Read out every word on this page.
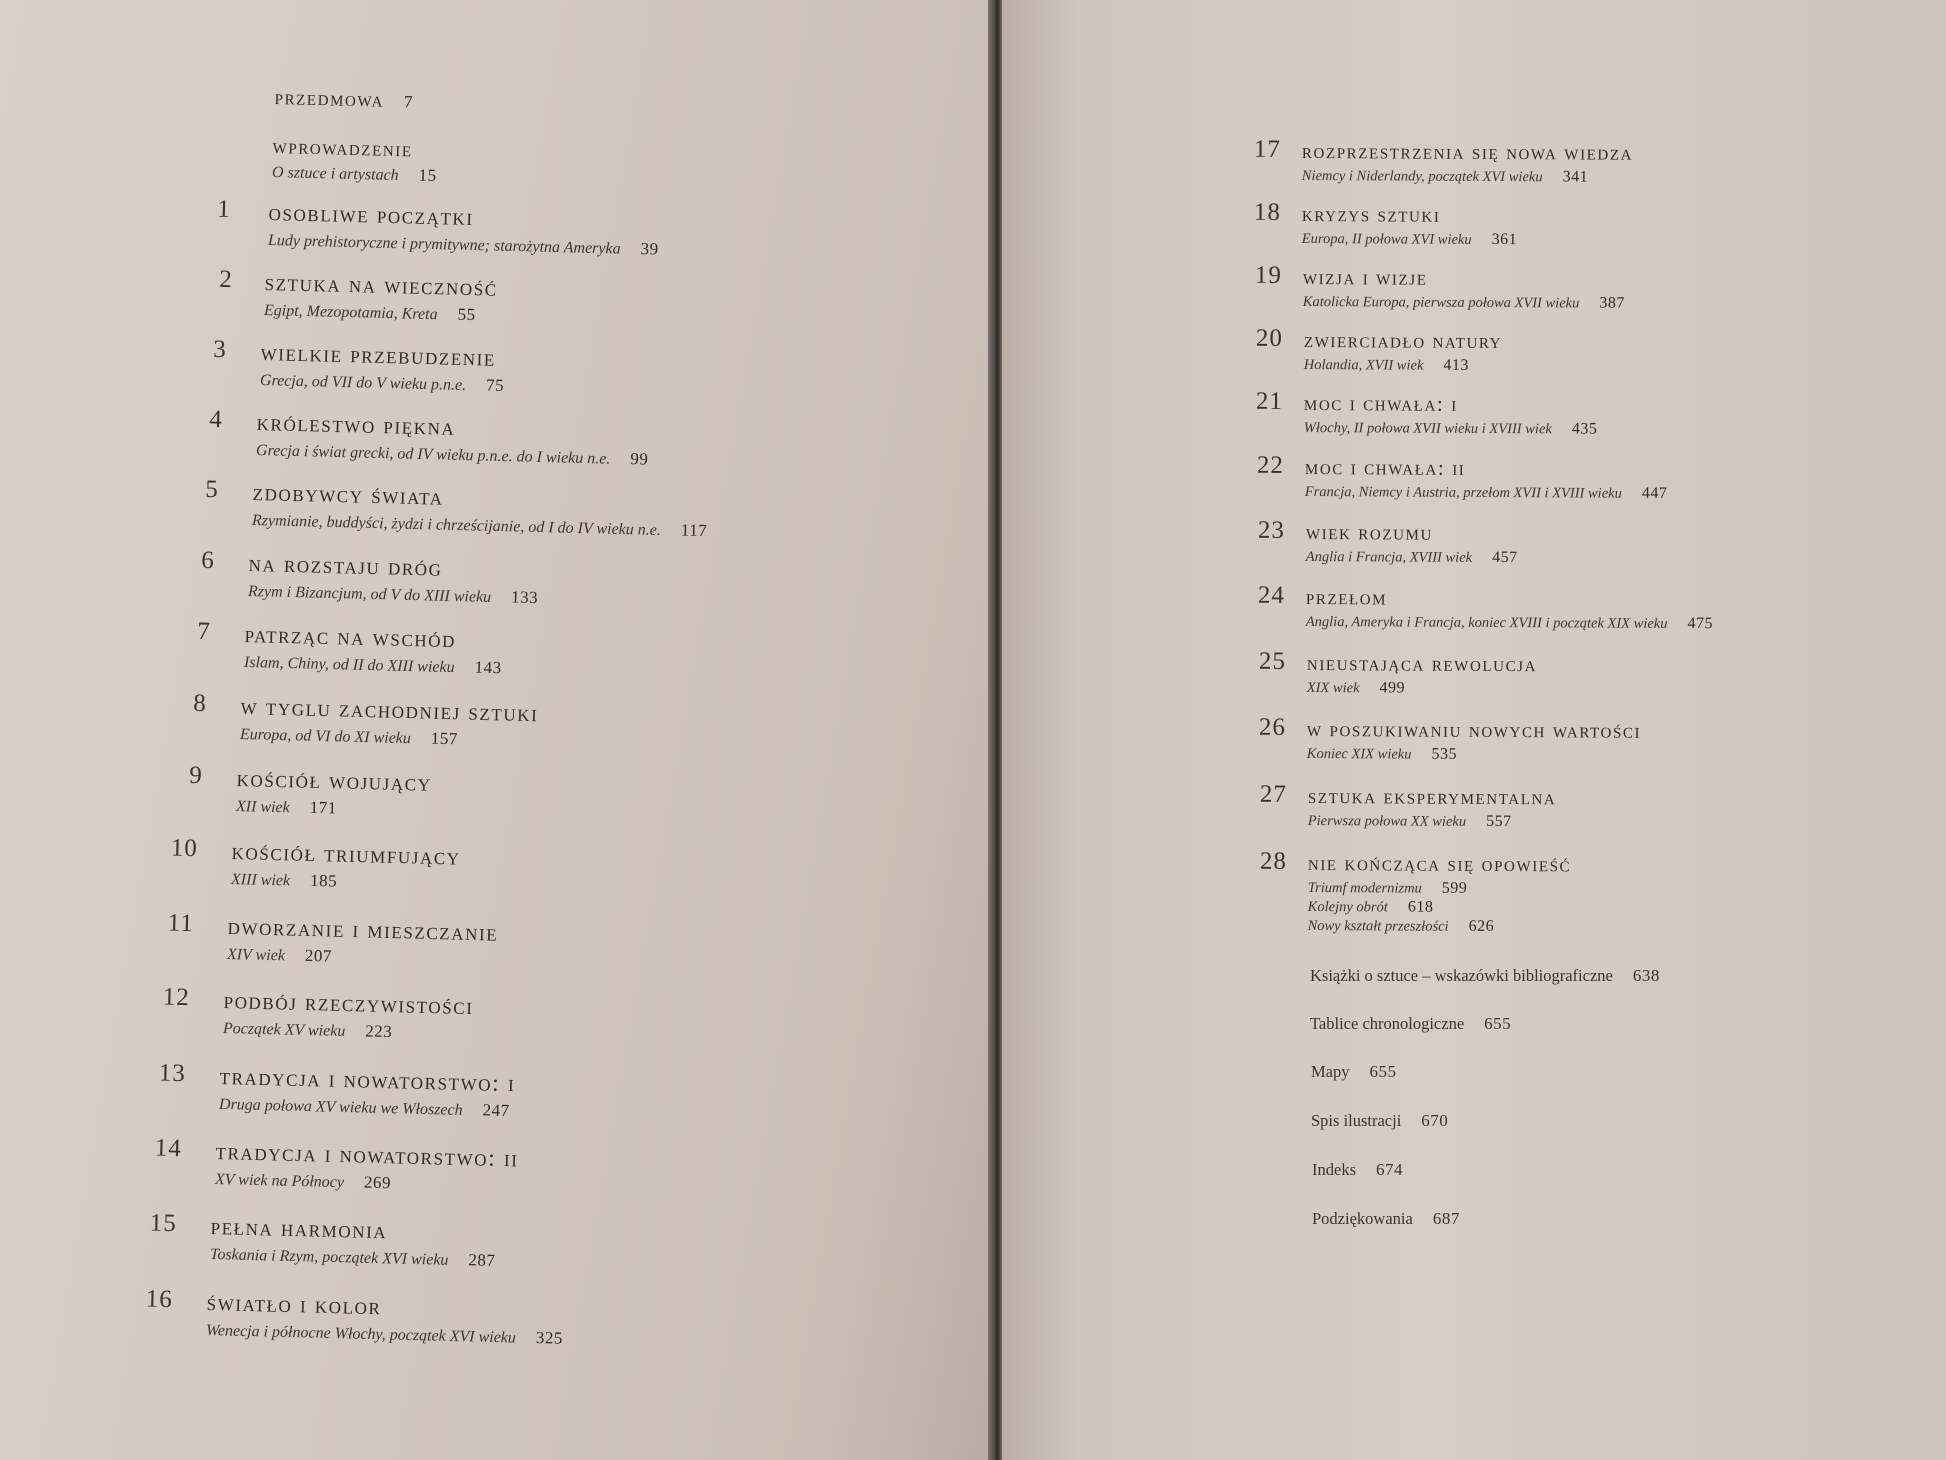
przedmowa 7
wprowadzenie
O sztuce i artystach 15
1 osobliwe początki
Ludy prehistoryczne i prymitywne; starożytna Ameryka 39
2 sztuka na wieczność
Egipt, Mezopotamia, Kreta 55
3 wielkie przebudzenie
Grecja, od VII do V wieku p.n.e. 75
4 królestwo piękna
Grecja i świat grecki, od IV wieku p.n.e. do I wieku n.e. 99
5 zdobywcy świata
Rzymianie, buddyści, żydzi i chrześcijanie, od I do IV wieku n.e. 117
6 na rozstaju dróg
Rzym i Bizancjum, od V do XIII wieku 133
7 patrząc na wschód
Islam, Chiny, od II do XIII wieku 143
8 w tyglu zachodniej sztuki
Europa, od VI do XI wieku 157
9 kościół wojujący
XII wiek 171
10 kościół triumfujący
XIII wiek 185
11 dworzanie i mieszczanie
XIV wiek 207
12 podbój rzeczywistości
Początek XV wieku 223
13 tradycja i nowatorstwo: i
Druga połowa XV wieku we Włoszech 247
14 tradycja i nowatorstwo: ii
XV wiek na Północy 269
15 pełna harmonia
Toskania i Rzym, początek XVI wieku 287
16 światło i kolor
Wenecja i północne Włochy, początek XVI wieku 325
17 rozprzestrzenia się nowa wiedza
Niemcy i Niderlandy, początek XVI wieku 341
18 kryzys sztuki
Europa, II połowa XVI wieku 361
19 wizja i wizje
Katolicka Europa, pierwsza połowa XVII wieku 387
20 zwierciadło natury
Holandia, XVII wiek 413
21 moc i chwała: i
Włochy, II połowa XVII wieku i XVIII wiek 435
22 moc i chwała: ii
Francja, Niemcy i Austria, przełom XVII i XVIII wieku 447
23 wiek rozumu
Anglia i Francja, XVIII wiek 457
24 przełom
Anglia, Ameryka i Francja, koniec XVIII i początek XIX wieku 475
25 nieustająca rewolucja
XIX wiek 499
26 w poszukiwaniu nowych wartości
Koniec XIX wieku 535
27 sztuka eksperymentalna
Pierwsza połowa XX wieku 557
28 nie kończąca się opowieść
Triumf modernizmu 599
Kolejny obrót 618
Nowy kształt przeszłości 626
Książki o sztuce – wskazówki bibliograficzne 638
Tablice chronologiczne 655
Mapy 655
Spis ilustracji 670
Indeks 674
Podziękowania 687
